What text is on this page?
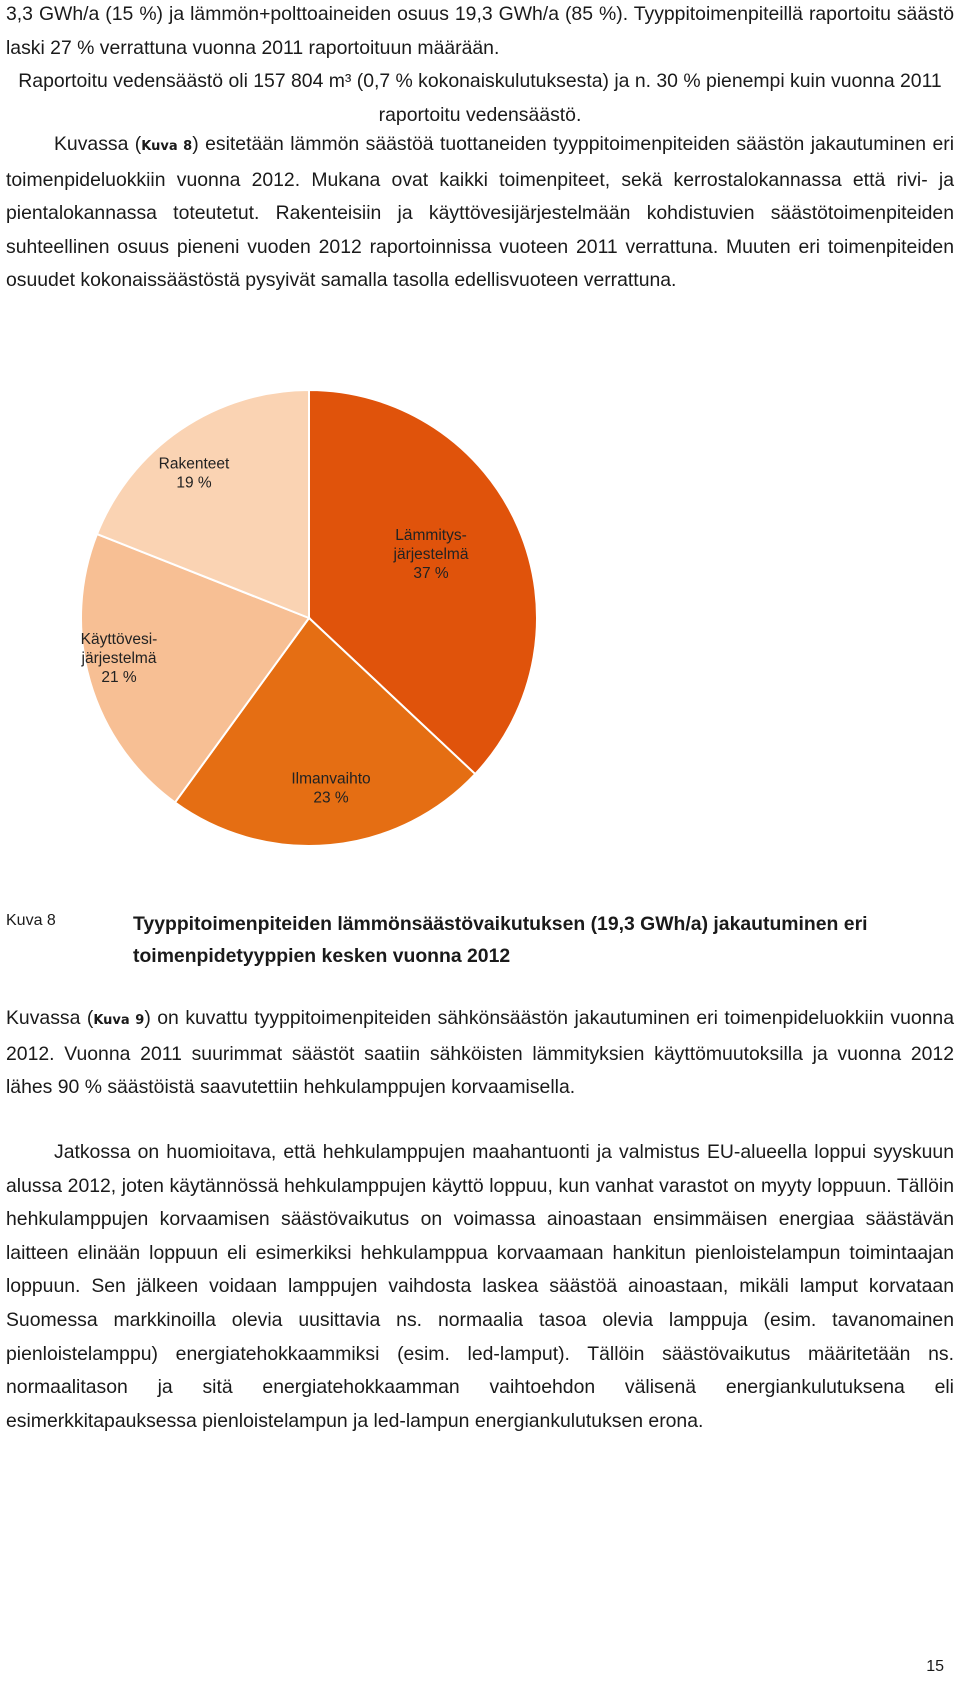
3,3 GWh/a (15 %) ja lämmön+polttoaineiden osuus 19,3 GWh/a (85 %). Tyyppitoimenpiteillä raportoitu säästö laski 27 % verrattuna vuonna 2011 raportoituun määrään.

Raportoitu vedensäästö oli 157 804 m³ (0,7 % kokonaiskulutuksesta) ja n. 30 % pienempi kuin vuonna 2011 raportoitu vedensäästö.

Kuvassa (Kuva 8) esitetään lämmön säästöä tuottaneiden tyyppitoimenpiteiden säästön jakautuminen eri toimenpideluokkiin vuonna 2012. Mukana ovat kaikki toimenpiteet, sekä kerrostalokannassa että rivi- ja pientalokannassa toteutetut. Rakenteisiin ja käyttövesijärjestelmään kohdistuvien säästötoimenpiteiden suhteellinen osuus pieneni vuoden 2012 raportoinnissa vuoteen 2011 verrattuna. Muuten eri toimenpiteiden osuudet kokonaissäästöstä pysyivät samalla tasolla edellisvuoteen verrattuna.

Lämmitys-järjestelmä 37 %
Ilmanvaihto 23 %
Käyttövesi-järjestelmä 21 %
Rakenteet 19 %
Kuva 8	Tyyppitoimenpiteiden lämmönsäästövaikutuksen (19,3 GWh/a) jakautuminen eri toimenpidetyyppien kesken vuonna 2012

Kuvassa (Kuva 9) on kuvattu tyyppitoimenpiteiden sähkönsäästön jakautuminen eri toimenpideluokkiin vuonna 2012. Vuonna 2011 suurimmat säästöt saatiin sähköisten lämmityksien käyttömuutoksilla ja vuonna 2012 lähes 90 % säästöistä saavutettiin hehkulamppujen korvaamisella.

Jatkossa on huomioitava, että hehkulamppujen maahantuonti ja valmistus EU-alueella loppui syyskuun alussa 2012, joten käytännössä hehkulamppujen käyttö loppuu, kun vanhat varastot on myyty loppuun. Tällöin hehkulamppujen korvaamisen säästövaikutus on voimassa ainoastaan ensimmäisen energiaa säästävän laitteen elinään loppuun eli esimerkiksi hehkulamppua korvaamaan hankitun pienloistelampun toimintaajan loppuun. Sen jälkeen voidaan lamppujen vaihdosta laskea säästöä ainoastaan, mikäli lamput korvataan Suomessa markkinoilla olevia uusittavia ns. normaalia tasoa olevia lamppuja (esim. tavanomainen pienloistelamppu) energiatehokkaammiksi (esim. led-lamput). Tällöin säästövaikutus määritetään ns. normaalitason ja sitä energiatehokkaamman vaihtoehdon välisenä energiankulutuksena eli esimerkkitapauksessa pienloistelampun ja led-lampun energiankulutuksen erona.

15
